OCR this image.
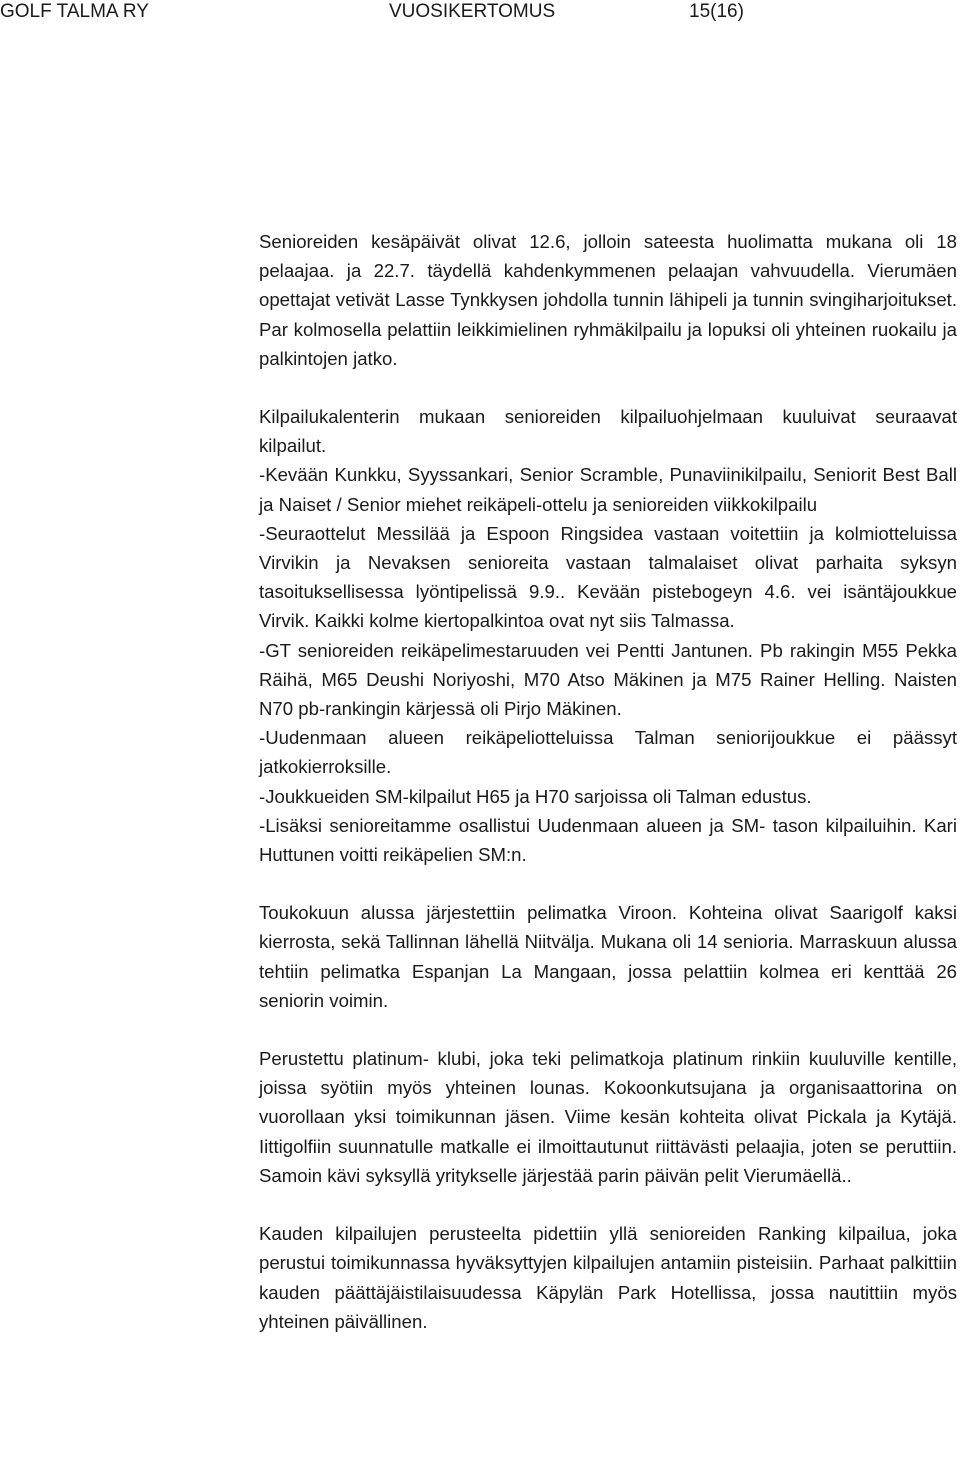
GOLF TALMA RY	VUOSIKERTOMUS	15(16)

Senioreiden kesäpäivät olivat 12.6, jolloin sateesta huolimatta mukana oli 18 pelaajaa. ja 22.7. täydellä kahdenkymmenen pelaajan vahvuudella. Vierumäen opettajat vetivät Lasse Tynkkysen johdolla tunnin lähipeli ja tunnin svingiharjoitukset. Par kolmosella pelattiin leikkimielinen ryhmäkilpailu ja lopuksi oli yhteinen ruokailu ja palkintojen jatko.

Kilpailukalenterin mukaan senioreiden kilpailuohjelmaan kuuluivat seuraavat kilpailut.

-Kevään Kunkku, Syyssankari, Senior Scramble, Punaviinikilpailu, Seniorit Best Ball ja Naiset / Senior miehet reikäpeli-ottelu ja senioreiden viikkokilpailu

-Seuraottelut Messilää ja Espoon Ringsidea vastaan voitettiin ja kolmiotteluissa Virvikin ja Nevaksen senioreita vastaan talmalaiset olivat parhaita syksyn tasoituksellisessa lyöntipelissä 9.9.. Kevään pistebogeyn 4.6. vei isäntäjoukkue Virvik. Kaikki kolme kiertopalkintoa ovat nyt siis Talmassa.

-GT senioreiden reikäpelimestaruuden vei Pentti Jantunen. Pb rakingin M55 Pekka Räihä, M65 Deushi Noriyoshi, M70 Atso Mäkinen ja M75 Rainer Helling. Naisten N70 pb-rankingin kärjessä oli Pirjo Mäkinen.

-Uudenmaan alueen reikäpeliotteluissa Talman seniorijoukkue ei päässyt jatkokierroksille.

-Joukkueiden SM-kilpailut H65 ja H70 sarjoissa oli Talman edustus.

-Lisäksi senioreitamme osallistui Uudenmaan alueen ja SM- tason kilpailuihin. Kari Huttunen voitti reikäpelien SM:n.

Toukokuun alussa järjestettiin pelimatka Viroon. Kohteina olivat Saarigolf kaksi kierrosta, sekä Tallinnan lähellä Niitvälja. Mukana oli 14 senioria. Marraskuun alussa tehtiin pelimatka Espanjan La Mangaan, jossa pelattiin kolmea eri kenttää 26 seniorin voimin.

Perustettu platinum- klubi, joka teki pelimatkoja platinum rinkiin kuuluville kentille, joissa syötiin myös yhteinen lounas. Kokoonkutsujana ja organisaattorina on vuorollaan yksi toimikunnan jäsen. Viime kesän kohteita olivat Pickala ja Kytäjä. Iittigolfiin suunnatulle matkalle ei ilmoittautunut riittävästi pelaajia, joten se peruttiin. Samoin kävi syksyllä yritykselle järjestää parin päivän pelit Vierumäellä..

Kauden kilpailujen perusteelta pidettiin yllä senioreiden Ranking kilpailua, joka perustui toimikunnassa hyväksyttyjen kilpailujen antamiin pisteisiin. Parhaat palkittiin kauden päättäjäistilaisuudessa Käpylän Park Hotellissa, jossa nautittiin myös yhteinen päivällinen.
